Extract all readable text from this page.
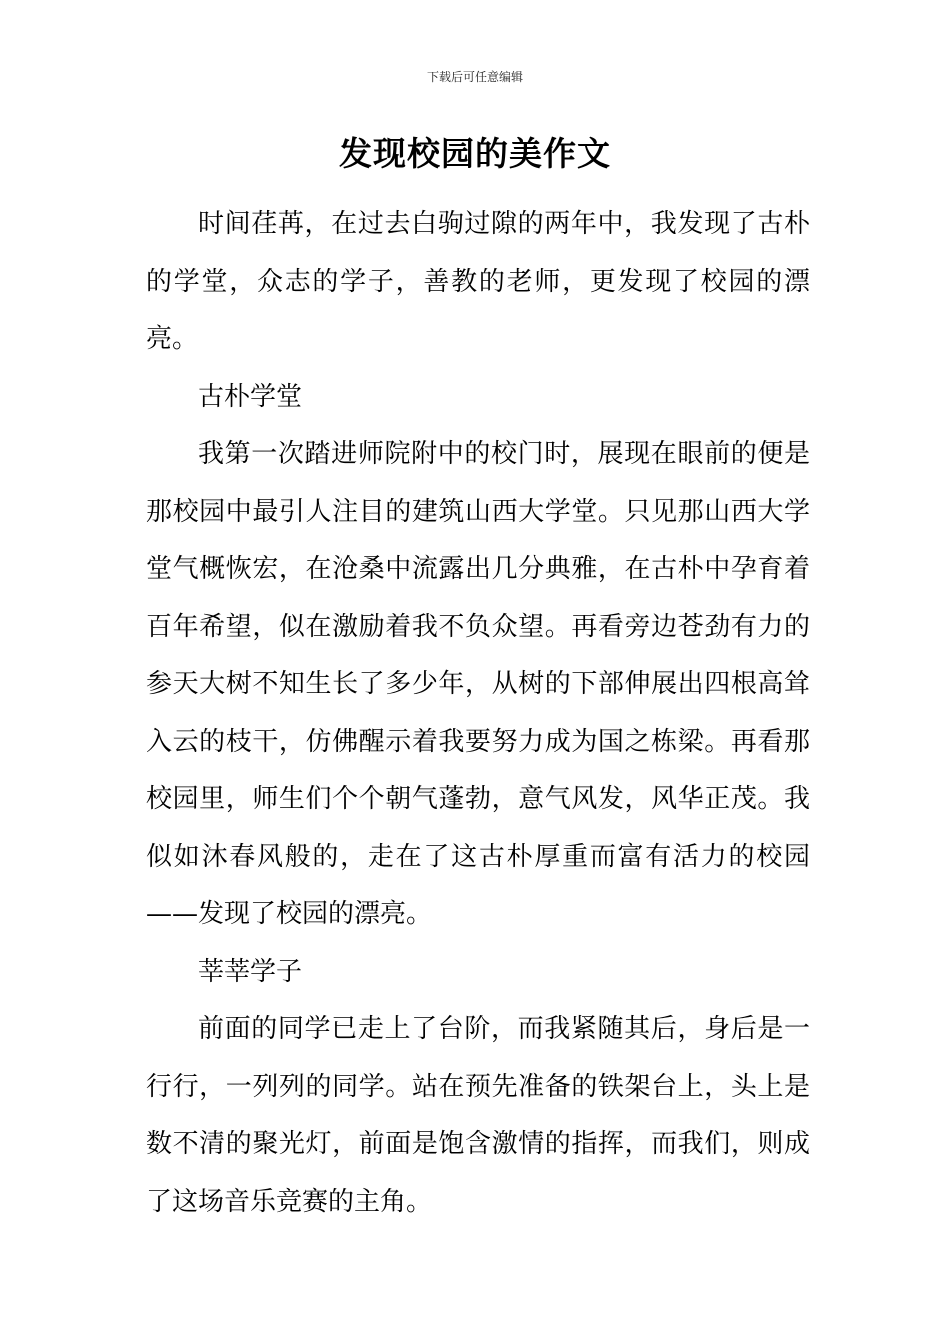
下载后可任意编辑
发现校园的美作文

时间荏苒，在过去白驹过隙的两年中，我发现了古朴的学堂，众志的学子，善教的老师，更发现了校园的漂亮。

古朴学堂

我第一次踏进师院附中的校门时，展现在眼前的便是那校园中最引人注目的建筑山西大学堂。只见那山西大学堂气概恢宏，在沧桑中流露出几分典雅，在古朴中孕育着百年希望，似在激励着我不负众望。再看旁边苍劲有力的参天大树不知生长了多少年，从树的下部伸展出四根高耸入云的枝干，仿佛醒示着我要努力成为国之栋梁。再看那校园里，师生们个个朝气蓬勃，意气风发，风华正茂。我似如沐春风般的，走在了这古朴厚重而富有活力的校园——发现了校园的漂亮。

莘莘学子

前面的同学已走上了台阶，而我紧随其后，身后是一行行，一列列的同学。站在预先准备的铁架台上，头上是数不清的聚光灯，前面是饱含激情的指挥，而我们，则成了这场音乐竞赛的主角。
